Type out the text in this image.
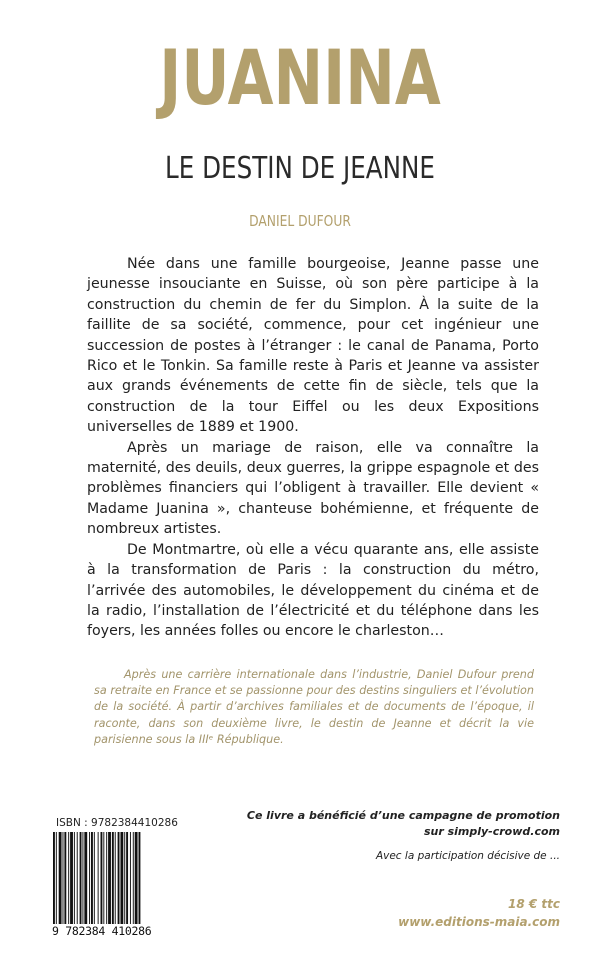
JUANINA
LE DESTIN DE JEANNE
DANIEL DUFOUR

Née dans une famille bourgeoise, Jeanne passe une jeunesse insouciante en Suisse, où son père participe à la construction du chemin de fer du Simplon. À la suite de la faillite de sa société, commence, pour cet ingénieur une succession de postes à l’étranger : le canal de Panama, Porto Rico et le Tonkin. Sa famille reste à Paris et Jeanne va assister aux grands événements de cette fin de siècle, tels que la construction de la tour Eiffel ou les deux Expositions universelles de 1889 et 1900.

Après un mariage de raison, elle va connaître la maternité, des deuils, deux guerres, la grippe espagnole et des problèmes financiers qui l’obligent à travailler. Elle devient « Madame Juanina », chanteuse bohémienne, et fréquente de nombreux artistes.

De Montmartre, où elle a vécu quarante ans, elle assiste à la transformation de Paris : la construction du métro, l’arrivée des automobiles, le développement du cinéma et de la radio, l’installation de l’électricité et du téléphone dans les foyers, les années folles ou encore le charleston…

Après une carrière internationale dans l’industrie, Daniel Dufour prend sa retraite en France et se passionne pour des destins singuliers et l’évolution de la société. À partir d’archives familiales et de documents de l’époque, il raconte, dans son deuxième livre, le destin de Jeanne et décrit la vie parisienne sous la IIIᵉ République.

ISBN : 9782384410286
9 782384 410286
Ce livre a bénéficié d’une campagne de promotion
sur simply-crowd.com
Avec la participation décisive de ...
18 € ttc
www.editions-maia.com
